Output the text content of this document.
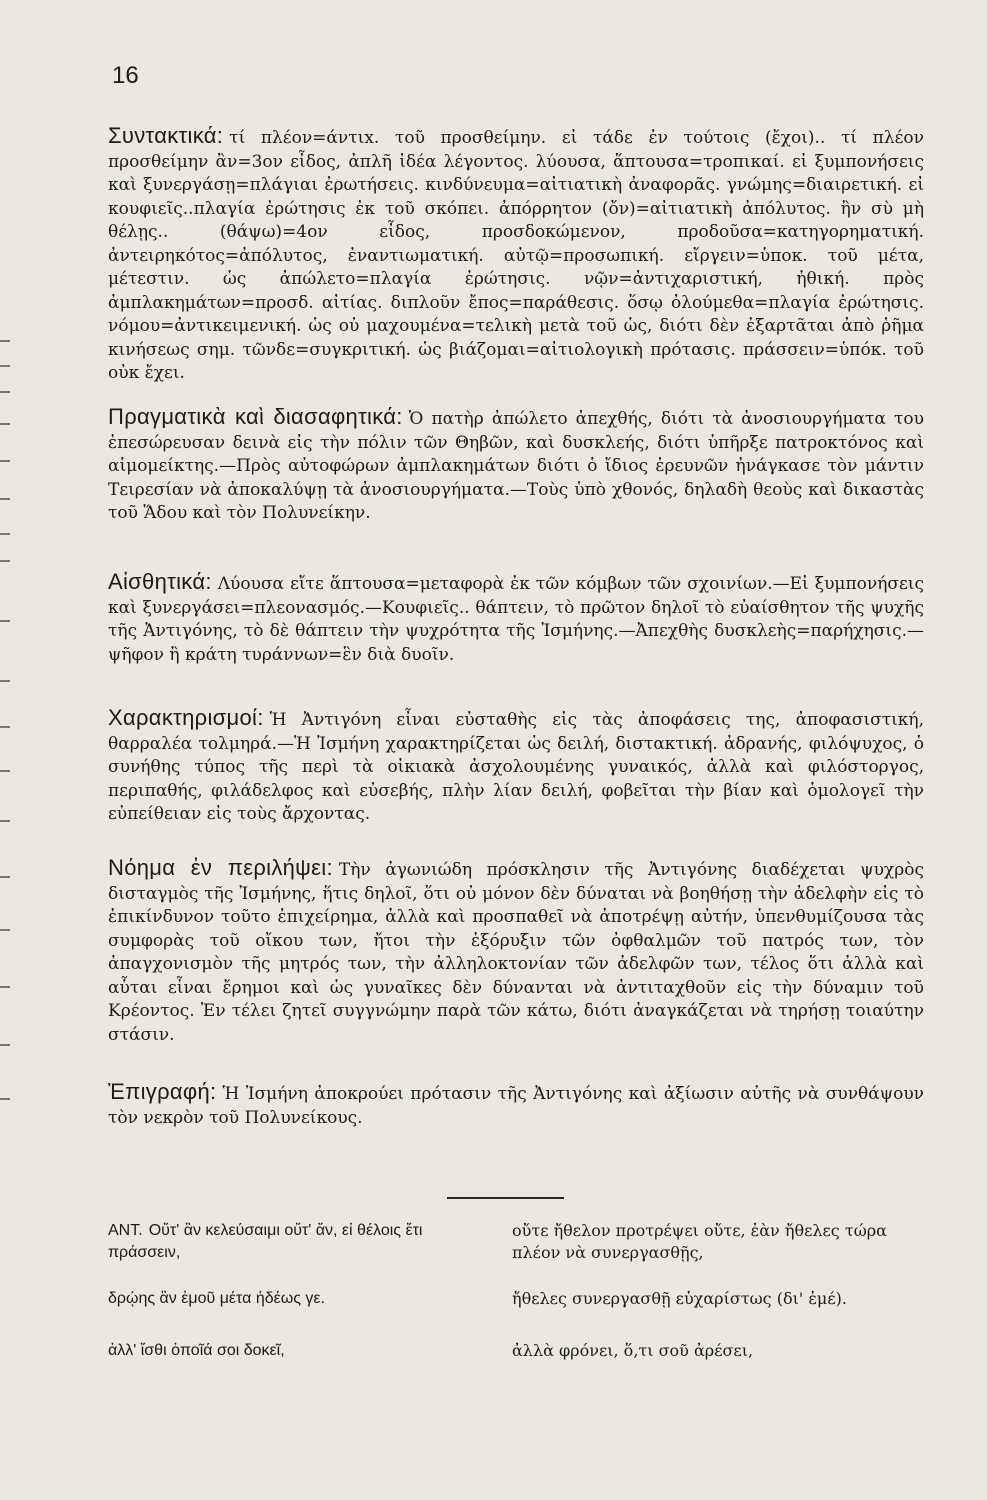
16

Συντακτικά: τί πλέον=άντιx. τοῦ προσθείμην. εἰ τάδε ἐν τούτοις (ἔχοι).. τί πλέον προσθείμην ἂν=3ον εἶδος, ἀπλῆ ἰδέα λέγοντος. λύουσα, ἅπτουσα=τροπικαί. εἰ ξυμπονήσεις καὶ ξυνεργάσῃ=πλάγιαι ἐρωτήσεις. κινδύνευμα=αἰτιατικὴ ἀναφορᾶς. γνώμης=διαιρετική. εἰ κουφιεῖς..πλαγία ἐρώτησις ἐκ τοῦ σκόπει. ἀπόρρητον (ὄν)=αἰτιατικὴ ἀπόλυτος. ἢν σὺ μὴ θέλῃς.. (θάψω)=4ον εἶδος, προσδοκώμενον, προδοῦσα=κατηγορηματική. ἀντειρηκότος=ἀπόλυτος, ἐναντιωματική. αὐτῷ=προσωπική. εἴργειν=ὑποκ. τοῦ μέτα, μέτεστιν. ὡς ἀπώλετο=πλαγία ἐρώτησις. νῷν=ἀντιχαριστική, ἠθική. πρὸς ἀμπλακημάτων=προσδ. αἰτίας. διπλοῦν ἔπος=παράθεσις. ὅσῳ ὀλούμεθα=πλαγία ἐρώτησις. νόμου=ἀντικειμενική. ὡς οὐ μαχουμένα=τελικὴ μετὰ τοῦ ὡς, διότι δὲν ἐξαρτᾶται ἀπὸ ῥῆμα κινήσεως σημ. τῶνδε=συγκριτική. ὡς βιάζομαι=αἰτιολογικὴ πρότασις. πράσσειν=ὑπόκ. τοῦ οὐκ ἔχει.

Πραγματικὰ καὶ διασαφητικά: Ὁ πατὴρ ἀπώλετο ἀπεχθής, διότι τὰ ἀνοσιουργήματα του ἐπεσώρευσαν δεινὰ εἰς τὴν πόλιν τῶν Θηβῶν, καὶ δυσκλεής, διότι ὑπῆρξε πατροκτόνος καὶ αἱμομείκτης.—Πρὸς αὐτοφώρων ἀμπλακημάτων διότι ὁ ἴδιος ἐρευνῶν ἠνάγκασε τὸν μάντιν Τειρεσίαν νὰ ἀποκαλύψῃ τὰ ἀνοσιουργήματα.—Τοὺς ὑπὸ χθονός, δηλαδὴ θεοὺς καὶ δικαστὰς τοῦ Ἅδου καὶ τὸν Πολυνείκην.

Αἰσθητικά: Λύουσα εἴτε ἅπτουσα=μεταφορὰ ἐκ τῶν κόμβων τῶν σχοινίων.—Εἰ ξυμπονήσεις καὶ ξυνεργάσει=πλεονασμός.—Κουφιεῖς.. θάπτειν, τὸ πρῶτον δηλοῖ τὸ εὐαίσθητον τῆς ψυχῆς τῆς Ἀντιγόνης, τὸ δὲ θάπτειν τὴν ψυχρότητα τῆς Ἰσμήνης.—Ἀπεχθὴς δυσκλεὴς=παρήχησις.—ψῆφον ἢ κράτη τυράννων=ἓν διὰ δυοῖν.

Χαρακτηρισμοί: Ἡ Ἀντιγόνη εἶναι εὐσταθὴς εἰς τὰς ἀποφάσεις της, ἀποφασιστική, θαρραλέα τολμηρά.—Ἡ Ἰσμήνη χαρακτηρίζεται ὡς δειλή, διστακτική. ἀδρανής, φιλόψυχος, ὁ συνήθης τύπος τῆς περὶ τὰ οἰκιακὰ ἀσχολουμένης γυναικός, ἀλλὰ καὶ φιλόστοργος, περιπαθής, φιλάδελφος καὶ εὐσεβής, πλὴν λίαν δειλή, φοβεῖται τὴν βίαν καὶ ὁμολογεῖ τὴν εὐπείθειαν εἰς τοὺς ἄρχοντας.

Νόημα ἐν περιλήψει: Τὴν ἀγωνιώδη πρόσκλησιν τῆς Ἀντιγόνης διαδέχεται ψυχρὸς δισταγμὸς τῆς Ἰσμήνης, ἥτις δηλοῖ, ὅτι οὐ μόνον δὲν δύναται νὰ βοηθήσῃ τὴν ἀδελφὴν εἰς τὸ ἐπικίνδυνον τοῦτο ἐπιχείρημα, ἀλλὰ καὶ προσπαθεῖ νὰ ἀποτρέψῃ αὐτήν, ὑπενθυμίζουσα τὰς συμφορὰς τοῦ οἴκου των, ἤτοι τὴν ἐξόρυξιν τῶν ὀφθαλμῶν τοῦ πατρός των, τὸν ἀπαγχονισμὸν τῆς μητρός των, τὴν ἀλληλοκτονίαν τῶν ἀδελφῶν των, τέλος ὅτι ἀλλὰ καὶ αὗται εἶναι ἔρημοι καὶ ὡς γυναῖκες δὲν δύνανται νὰ ἀντιταχθοῦν εἰς τὴν δύναμιν τοῦ Κρέοντος. Ἐν τέλει ζητεῖ συγγνώμην παρὰ τῶν κάτω, διότι ἀναγκάζεται νὰ τηρήσῃ τοιαύτην στάσιν.

Ἐπιγραφή: Ἡ Ἰσμήνη ἀποκρούει πρότασιν τῆς Ἀντιγόνης καὶ ἀξίωσιν αὐτῆς νὰ συνθάψουν τὸν νεκρὸν τοῦ Πολυνείκους.

ΑΝΤ. Οὔτ' ἂν κελεύσαιμι οὔτ' ἄν, εἰ θέλοις ἔτι πράσσειν,
οὔτε ἤθελον προτρέψει οὔτε, ἐὰν ἤθελες τώρα πλέον νὰ συνεργασθῇς,
δρῴης ἂν ἐμοῦ μέτα ἡδέως γε.	ἤθελες συνεργασθῇ εὐχαρίστως (δι' ἐμέ).
ἀλλ' ἴσθι ὁποῖά σοι δοκεῖ,	ἀλλὰ φρόνει, ὅ,τι σοῦ ἀρέσει,
